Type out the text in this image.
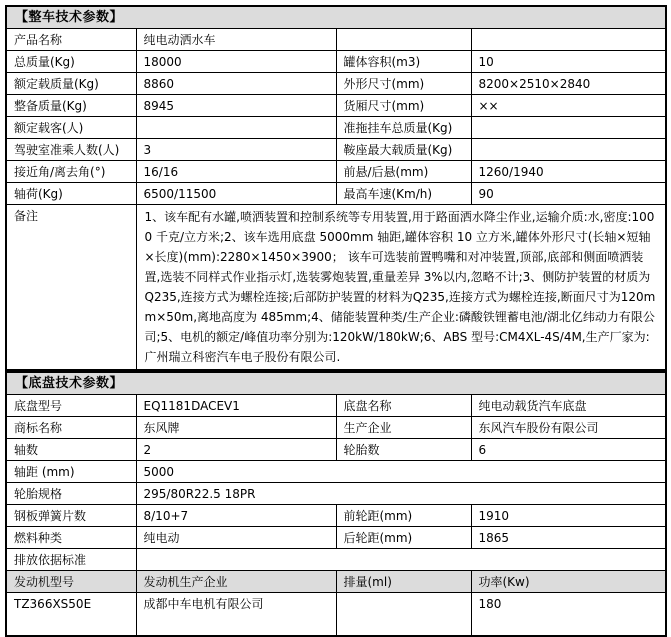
【整车技术参数】			
产品名称	纯电动洒水车		
总质量(Kg)	18000	罐体容积(m3)	10
额定载质量(Kg)	8860	外形尺寸(mm)	8200×2510×2840
整备质量(Kg)	8945	货厢尺寸(mm)	××
额定载客(人)		准拖挂车总质量(Kg)	
驾驶室准乘人数(人)	3	鞍座最大载质量(Kg)	
接近角/离去角(°)	16/16	前悬/后悬(mm)	1260/1940
轴荷(Kg)	6500/11500	最高车速(Km/h)	90
备注	1、该车配有水罐,喷洒装置和控制系统等专用装置,用于路面洒水降尘作业,运输介质:水,密度:1000 千克/立方米;2、该车选用底盘 5000mm 轴距,罐体容积 10 立方米,罐体外形尺寸(长轴×短轴×长度)(mm):2280×1450×3900； 该车可选装前置鸭嘴和对冲装置,顶部,底部和侧面喷洒装置,选装不同样式作业指示灯,选装雾炮装置,重量差异 3%以内,忽略不计;3、侧防护装置的材质为Q235,连接方式为螺栓连接;后部防护装置的材料为Q235,连接方式为螺栓连接,断面尺寸为120mm×50m,离地高度为 485mm;4、储能装置种类/生产企业:磷酸铁锂蓄电池/湖北亿纬动力有限公司;5、电机的额定/峰值功率分别为:120kW/180kW;6、ABS 型号:CM4XL-4S/4M,生产厂家为:广州瑞立科密汽车电子股份有限公司.		
【底盘技术参数】			
底盘型号	EQ1181DACEV1	底盘名称	纯电动载货汽车底盘
商标名称	东风牌	生产企业	东风汽车股份有限公司
轴数	2	轮胎数	6
轴距 (mm)	5000		
轮胎规格	295/80R22.5 18PR		
钢板弹簧片数	8/10+7	前轮距(mm)	1910
燃料种类	纯电动	后轮距(mm)	1865
排放依据标准			
发动机型号	发动机生产企业	排量(ml)	功率(Kw)
TZ366XS50E	成都中车电机有限公司		180
